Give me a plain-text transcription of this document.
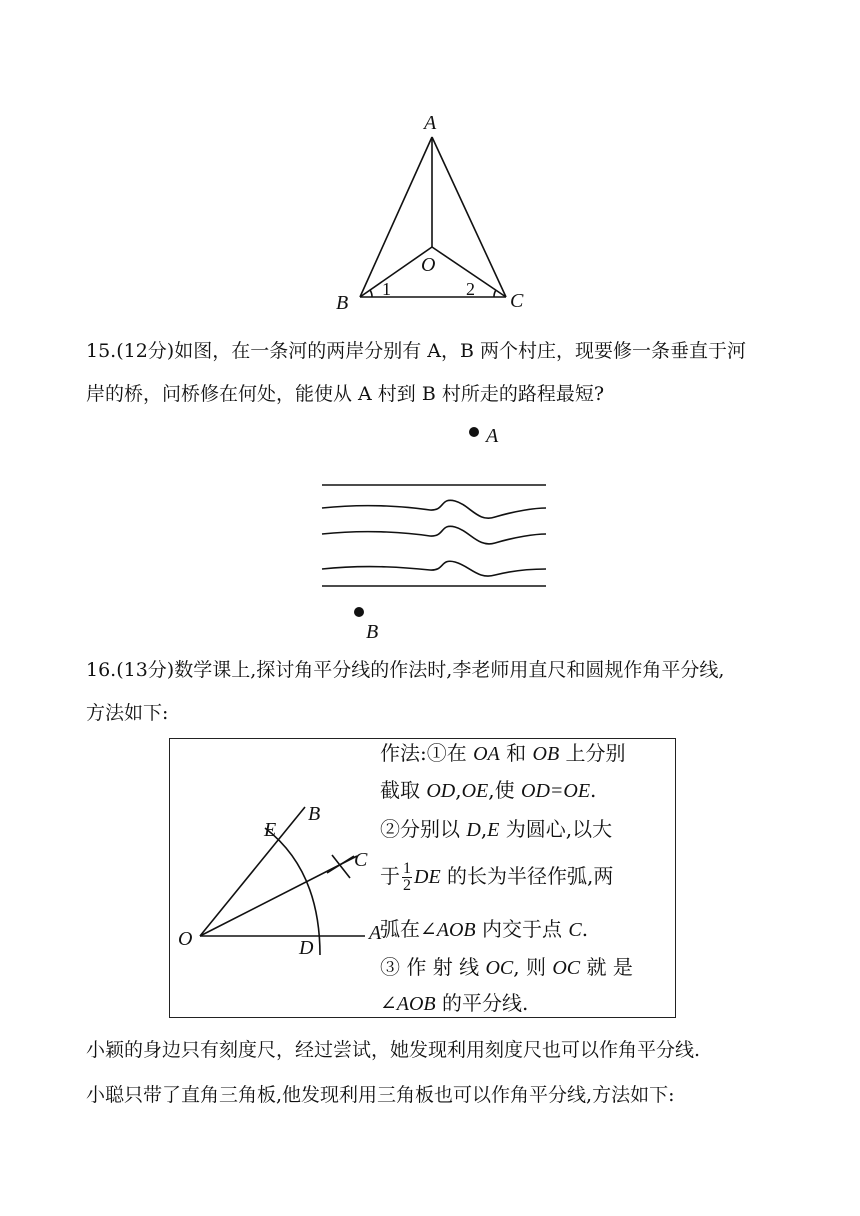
A
O
B	C
1	2
15.(12分)如图，在一条河的两岸分别有 A，B 两个村庄，现要修一条垂直于河
岸的桥，问桥修在何处，能使从 A 村到 B 村所走的路程最短?
A
B
16.(13分)数学课上,探讨角平分线的作法时,李老师用直尺和圆规作角平分线,
方法如下:
O	A
B
C
D
E
作法:①在 OA 和 OB 上分别
截取 OD,OE,使 OD=OE.
②分别以 D,E 为圆心,以大
于 $\frac{1}{2}$ DE 的长为半径作弧,两
弧在∠AOB 内交于点 C.
③ 作 射 线 OC, 则 OC 就 是
∠AOB 的平分线.
小颖的身边只有刻度尺，经过尝试，她发现利用刻度尺也可以作角平分线.
小聪只带了直角三角板,他发现利用三角板也可以作角平分线,方法如下:
